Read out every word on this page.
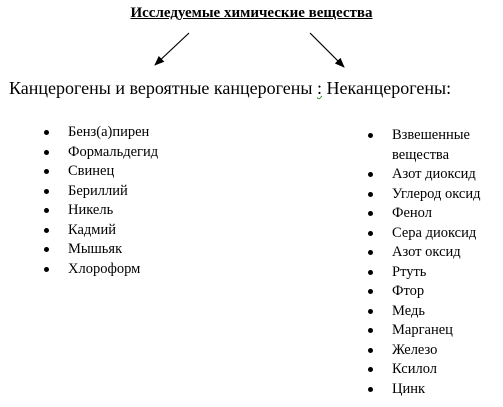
Исследуемые химические вещества
Канцерогены и вероятные канцерогены : Неканцерогены:
Бенз(а)пирен
Формальдегид
Свинец
Бериллий
Никель
Кадмий
Мышьяк
Хлороформ
Взвешенные вещества
Азот диоксид
Углерод оксид
Фенол
Сера диоксид
Азот оксид
Ртуть
Фтор
Медь
Марганец
Железо
Ксилол
Цинк
